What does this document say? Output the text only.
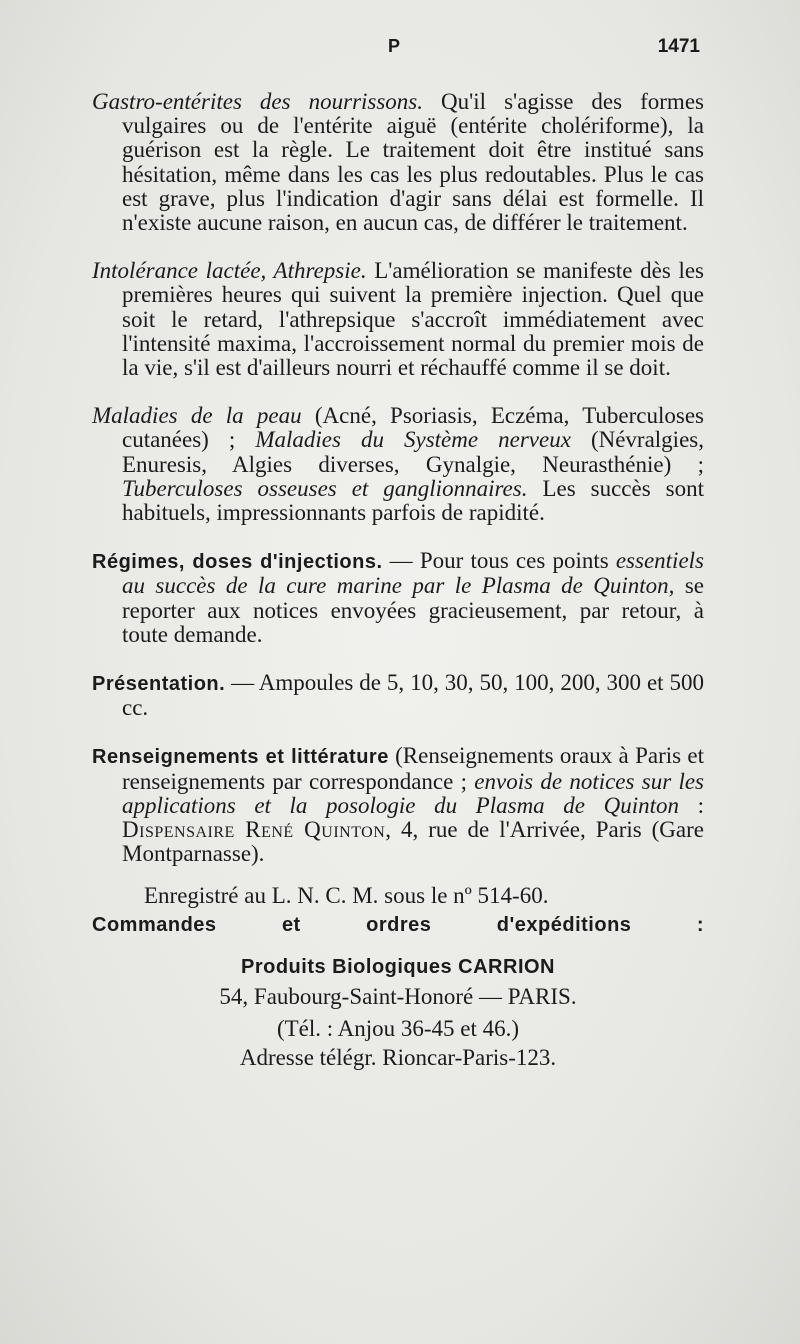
P	1471

Gastro-entérites des nourrissons. Qu'il s'agisse des formes vulgaires ou de l'entérite aiguë (entérite cholériforme), la guérison est la règle. Le traitement doit être institué sans hésitation, même dans les cas les plus redoutables. Plus le cas est grave, plus l'indication d'agir sans délai est formelle. Il n'existe aucune raison, en aucun cas, de différer le traitement.

Intolérance lactée, Athrepsie. L'amélioration se manifeste dès les premières heures qui suivent la première injection. Quel que soit le retard, l'athrepsique s'accroît immédiatement avec l'intensité maxima, l'accroissement normal du premier mois de la vie, s'il est d'ailleurs nourri et réchauffé comme il se doit.

Maladies de la peau (Acné, Psoriasis, Eczéma, Tuberculoses cutanées) ; Maladies du Système nerveux (Névralgies, Enuresis, Algies diverses, Gynalgie, Neurasthénie) ; Tuberculoses osseuses et ganglionnaires. Les succès sont habituels, impressionnants parfois de rapidité.

Régimes, doses d'injections. — Pour tous ces points essentiels au succès de la cure marine par le Plasma de Quinton, se reporter aux notices envoyées gracieusement, par retour, à toute demande.

Présentation. — Ampoules de 5, 10, 30, 50, 100, 200, 300 et 500 cc.

Renseignements et littérature (Renseignements oraux à Paris et renseignements par correspondance ; envois de notices sur les applications et la posologie du Plasma de Quinton : Dispensaire René Quinton, 4, rue de l'Arrivée, Paris (Gare Montparnasse).

Enregistré au L. N. C. M. sous le nº 514-60.

Commandes	et	ordres	d'expéditions	:

Produits Biologiques CARRION

54, Faubourg-Saint-Honoré — PARIS.

(Tél. : Anjou 36-45 et 46.)

Adresse télégr. Rioncar-Paris-123.
